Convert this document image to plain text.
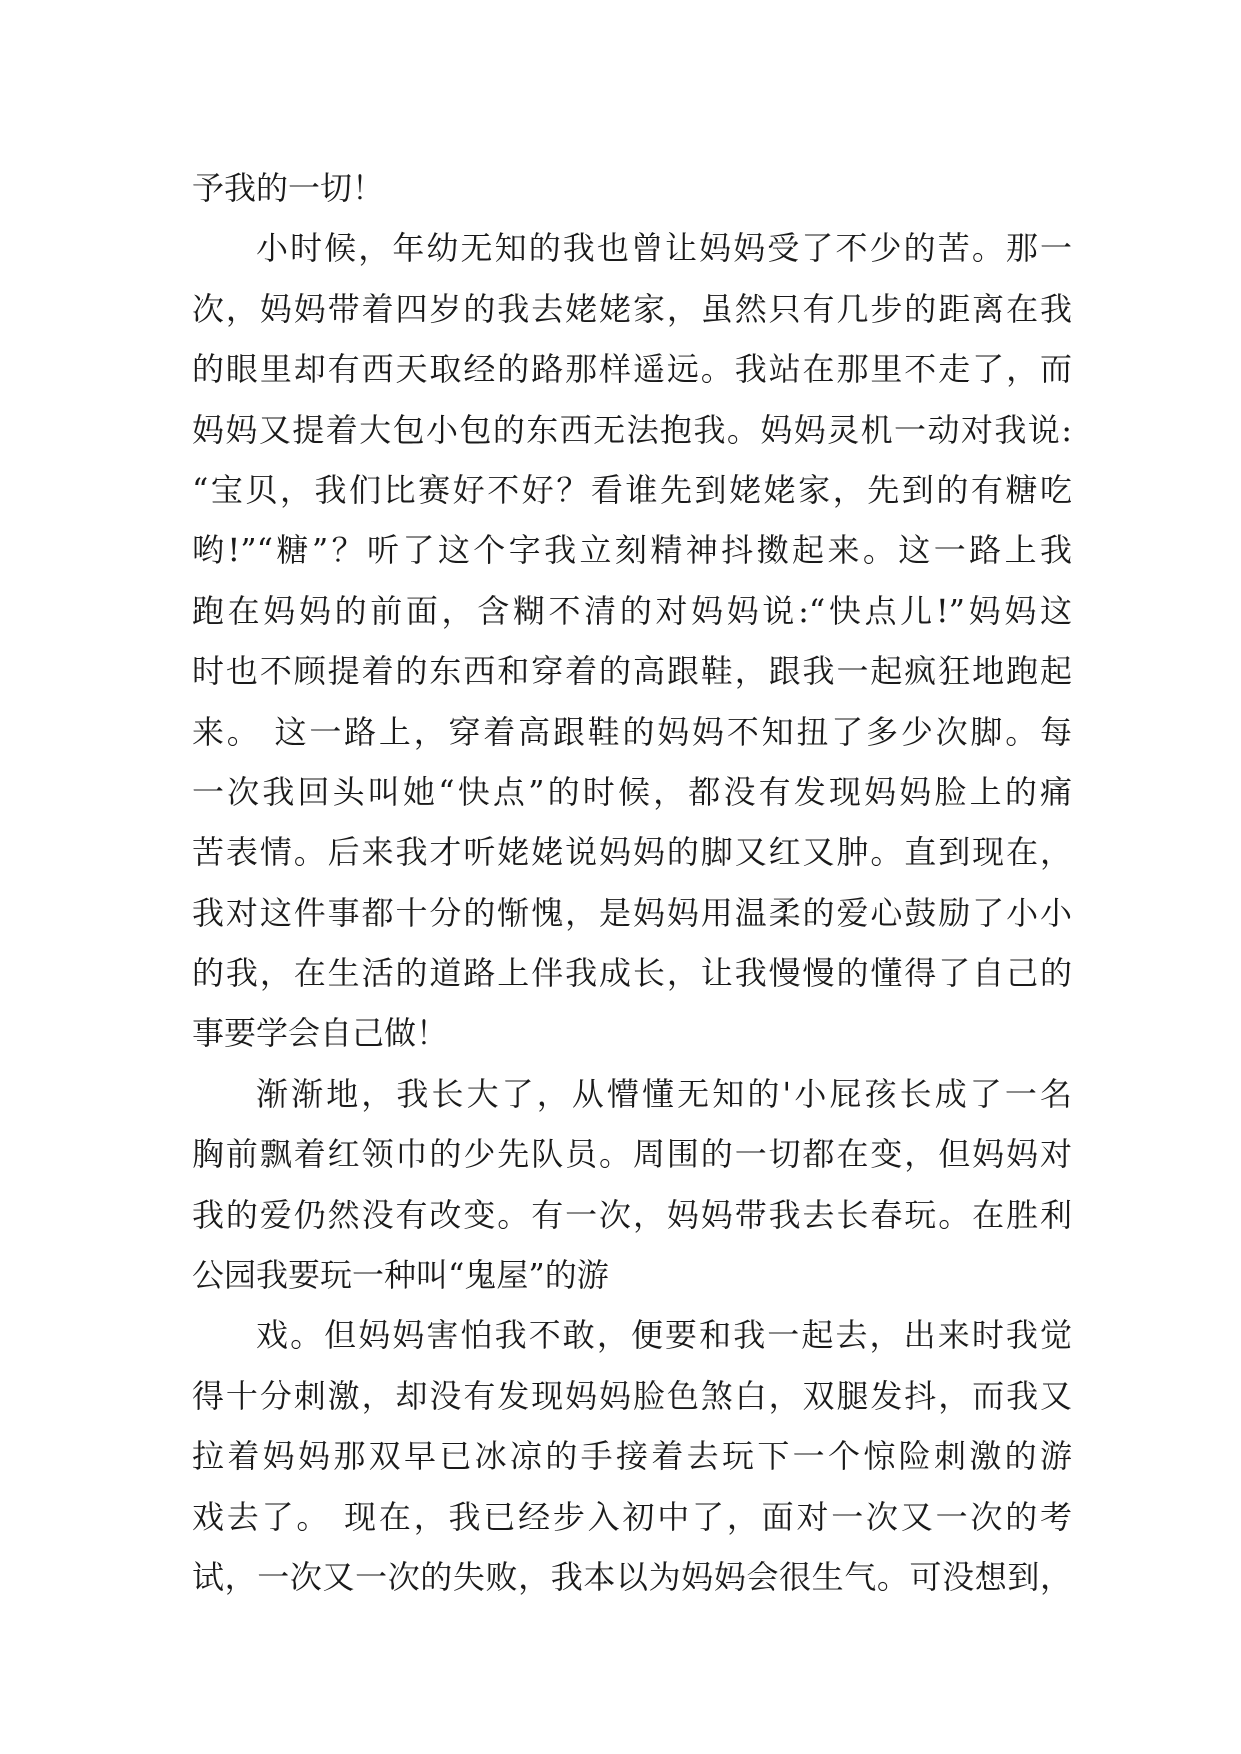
予我的一切！
小时候，年幼无知的我也曾让妈妈受了不少的苦。那一
次，妈妈带着四岁的我去姥姥家，虽然只有几步的距离在我
的眼里却有西天取经的路那样遥远。我站在那里不走了，而
妈妈又提着大包小包的东西无法抱我。妈妈灵机一动对我说:
“宝贝，我们比赛好不好？看谁先到姥姥家，先到的有糖吃
哟!”“糖”？听了这个字我立刻精神抖擞起来。这一路上我
跑在妈妈的前面，含糊不清的对妈妈说:“快点儿!”妈妈这
时也不顾提着的东西和穿着的高跟鞋，跟我一起疯狂地跑起
来。 这一路上，穿着高跟鞋的妈妈不知扭了多少次脚。每
一次我回头叫她“快点”的时候，都没有发现妈妈脸上的痛
苦表情。后来我才听姥姥说妈妈的脚又红又肿。直到现在，
我对这件事都十分的惭愧，是妈妈用温柔的爱心鼓励了小小
的我，在生活的道路上伴我成长，让我慢慢的懂得了自己的
事要学会自己做！
渐渐地，我长大了，从懵懂无知的'小屁孩长成了一名
胸前飘着红领巾的少先队员。周围的一切都在变，但妈妈对
我的爱仍然没有改变。有一次，妈妈带我去长春玩。在胜利
公园我要玩一种叫“鬼屋”的游
戏。但妈妈害怕我不敢，便要和我一起去，出来时我觉
得十分刺激，却没有发现妈妈脸色煞白，双腿发抖，而我又
拉着妈妈那双早已冰凉的手接着去玩下一个惊险刺激的游
戏去了。 现在，我已经步入初中了，面对一次又一次的考
试，一次又一次的失败，我本以为妈妈会很生气。可没想到，
